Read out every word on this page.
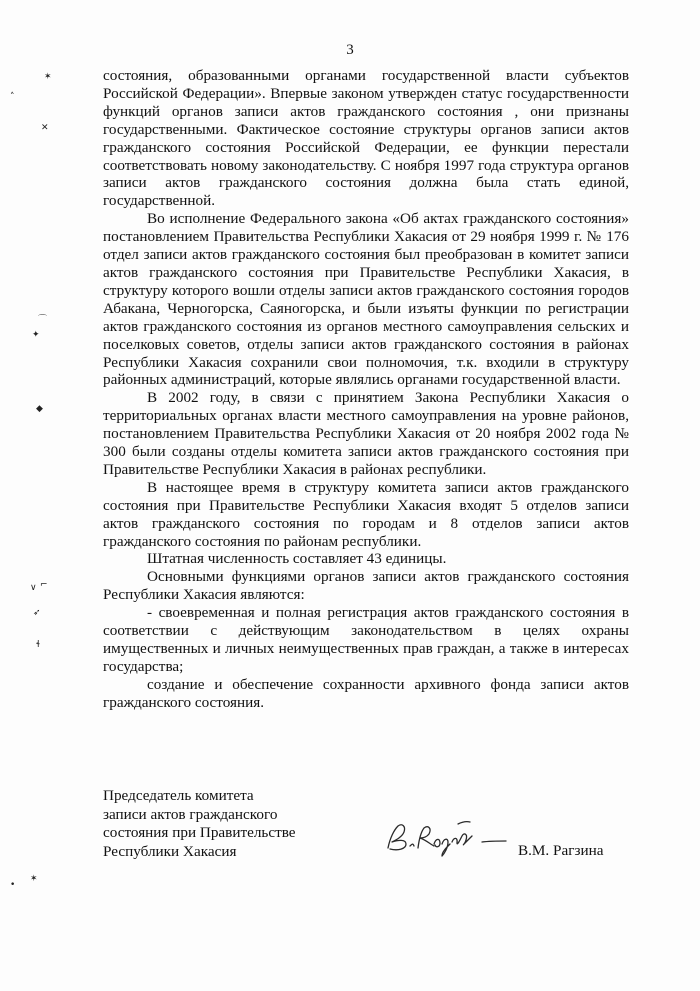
3

состояния, образованными органами государственной власти субъектов Российской Федерации». Впервые законом утвержден статус государственности функций органов записи актов гражданского состояния , они признаны государственными. Фактическое состояние структуры органов записи актов гражданского состояния Российской Федерации, ее функции перестали соответствовать новому законодательству. С ноября 1997 года структура органов записи актов гражданского состояния должна была стать единой, государственной.

Во исполнение Федерального закона «Об актах гражданского состояния» постановлением Правительства Республики Хакасия от 29 ноября 1999 г. № 176 отдел записи актов гражданского состояния был преобразован в комитет записи актов гражданского состояния при Правительстве Республики Хакасия, в структуру которого вошли отделы записи актов гражданского состояния городов Абакана, Черногорска, Саяногорска, и были изъяты функции по регистрации актов гражданского состояния из органов местного самоуправления сельских и поселковых советов, отделы записи актов гражданского состояния в районах Республики Хакасия сохранили свои полномочия, т.к. входили в структуру районных администраций, которые являлись органами государственной власти.

В 2002 году, в связи с принятием Закона Республики Хакасия о территориальных органах власти местного самоуправления на уровне районов, постановлением Правительства Республики Хакасия от 20 ноября 2002 года № 300 были созданы отделы комитета записи актов гражданского состояния при Правительстве Республики Хакасия в районах республики.

В настоящее время в структуру комитета записи актов гражданского состояния при Правительстве Республики Хакасия входят 5 отделов записи актов гражданского состояния по городам и 8 отделов записи актов гражданского состояния по районам республики.

Штатная численность составляет 43 единицы.

Основными функциями органов записи актов гражданского состояния Республики Хакасия являются:

- своевременная и полная регистрация актов гражданского состояния в соответствии с действующим законодательством в целях охраны имущественных и личных неимущественных прав граждан, а также в интересах государства;

создание и обеспечение сохранности архивного фонда записи актов гражданского состояния.

Председатель комитета
записи актов гражданского
состояния при Правительстве
Республики Хакасия	В.М. Рагзина
✶
˄
✕
⌒
✦
◆
∨ ⌐
➶
ɬ
•
✶
